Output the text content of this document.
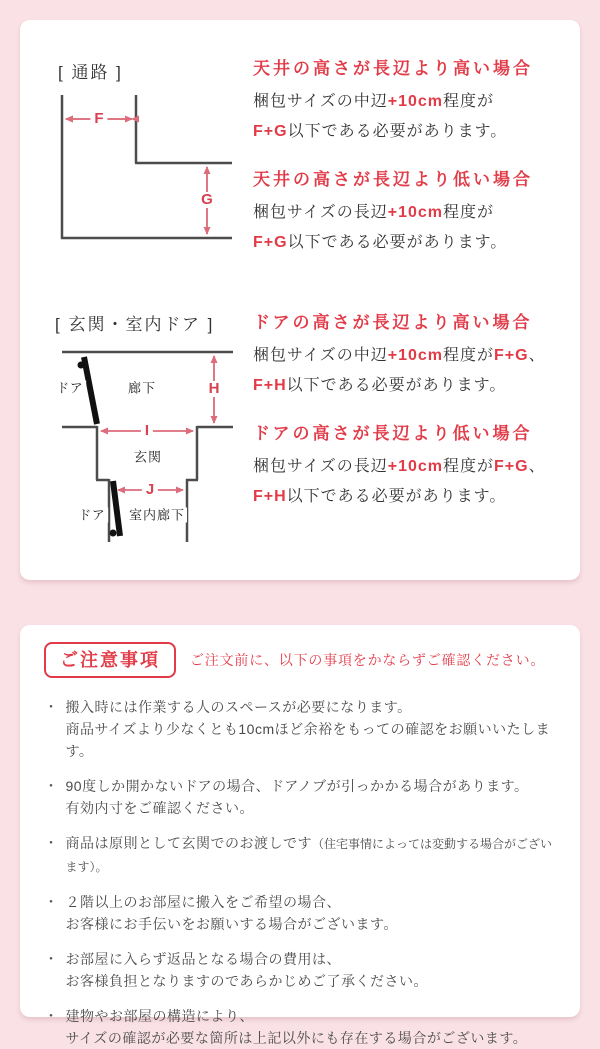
[ 通路 ]
[ 玄関・室内ドア ]
F
G
H
I
J
ドア	廊下
玄関
ドア 室内廊下
天井の高さが長辺より高い場合
梱包サイズの中辺+10cm程度が
F+G以下である必要があります。
天井の高さが長辺より低い場合
梱包サイズの長辺+10cm程度が
F+G以下である必要があります。
ドアの高さが長辺より高い場合
梱包サイズの中辺+10cm程度がF+G、
F+H以下である必要があります。
ドアの高さが長辺より低い場合
梱包サイズの長辺+10cm程度がF+G、
F+H以下である必要があります。
ご注意事項	ご注文前に、以下の事項をかならずご確認ください。
・ 搬入時には作業する人のスペースが必要になります。
商品サイズより少なくとも10cmほど余裕をもっての確認をお願いいたします。
・ 90度しか開かないドアの場合、ドアノブが引っかかる場合があります。
有効内寸をご確認ください。
・ 商品は原則として玄関でのお渡しです（住宅事情によっては変動する場合がございます）。
・ ２階以上のお部屋に搬入をご希望の場合、
お客様にお手伝いをお願いする場合がございます。
・ お部屋に入らず返品となる場合の費用は、
お客様負担となりますのであらかじめご了承ください。
・ 建物やお部屋の構造により、
サイズの確認が必要な箇所は上記以外にも存在する場合がございます。
